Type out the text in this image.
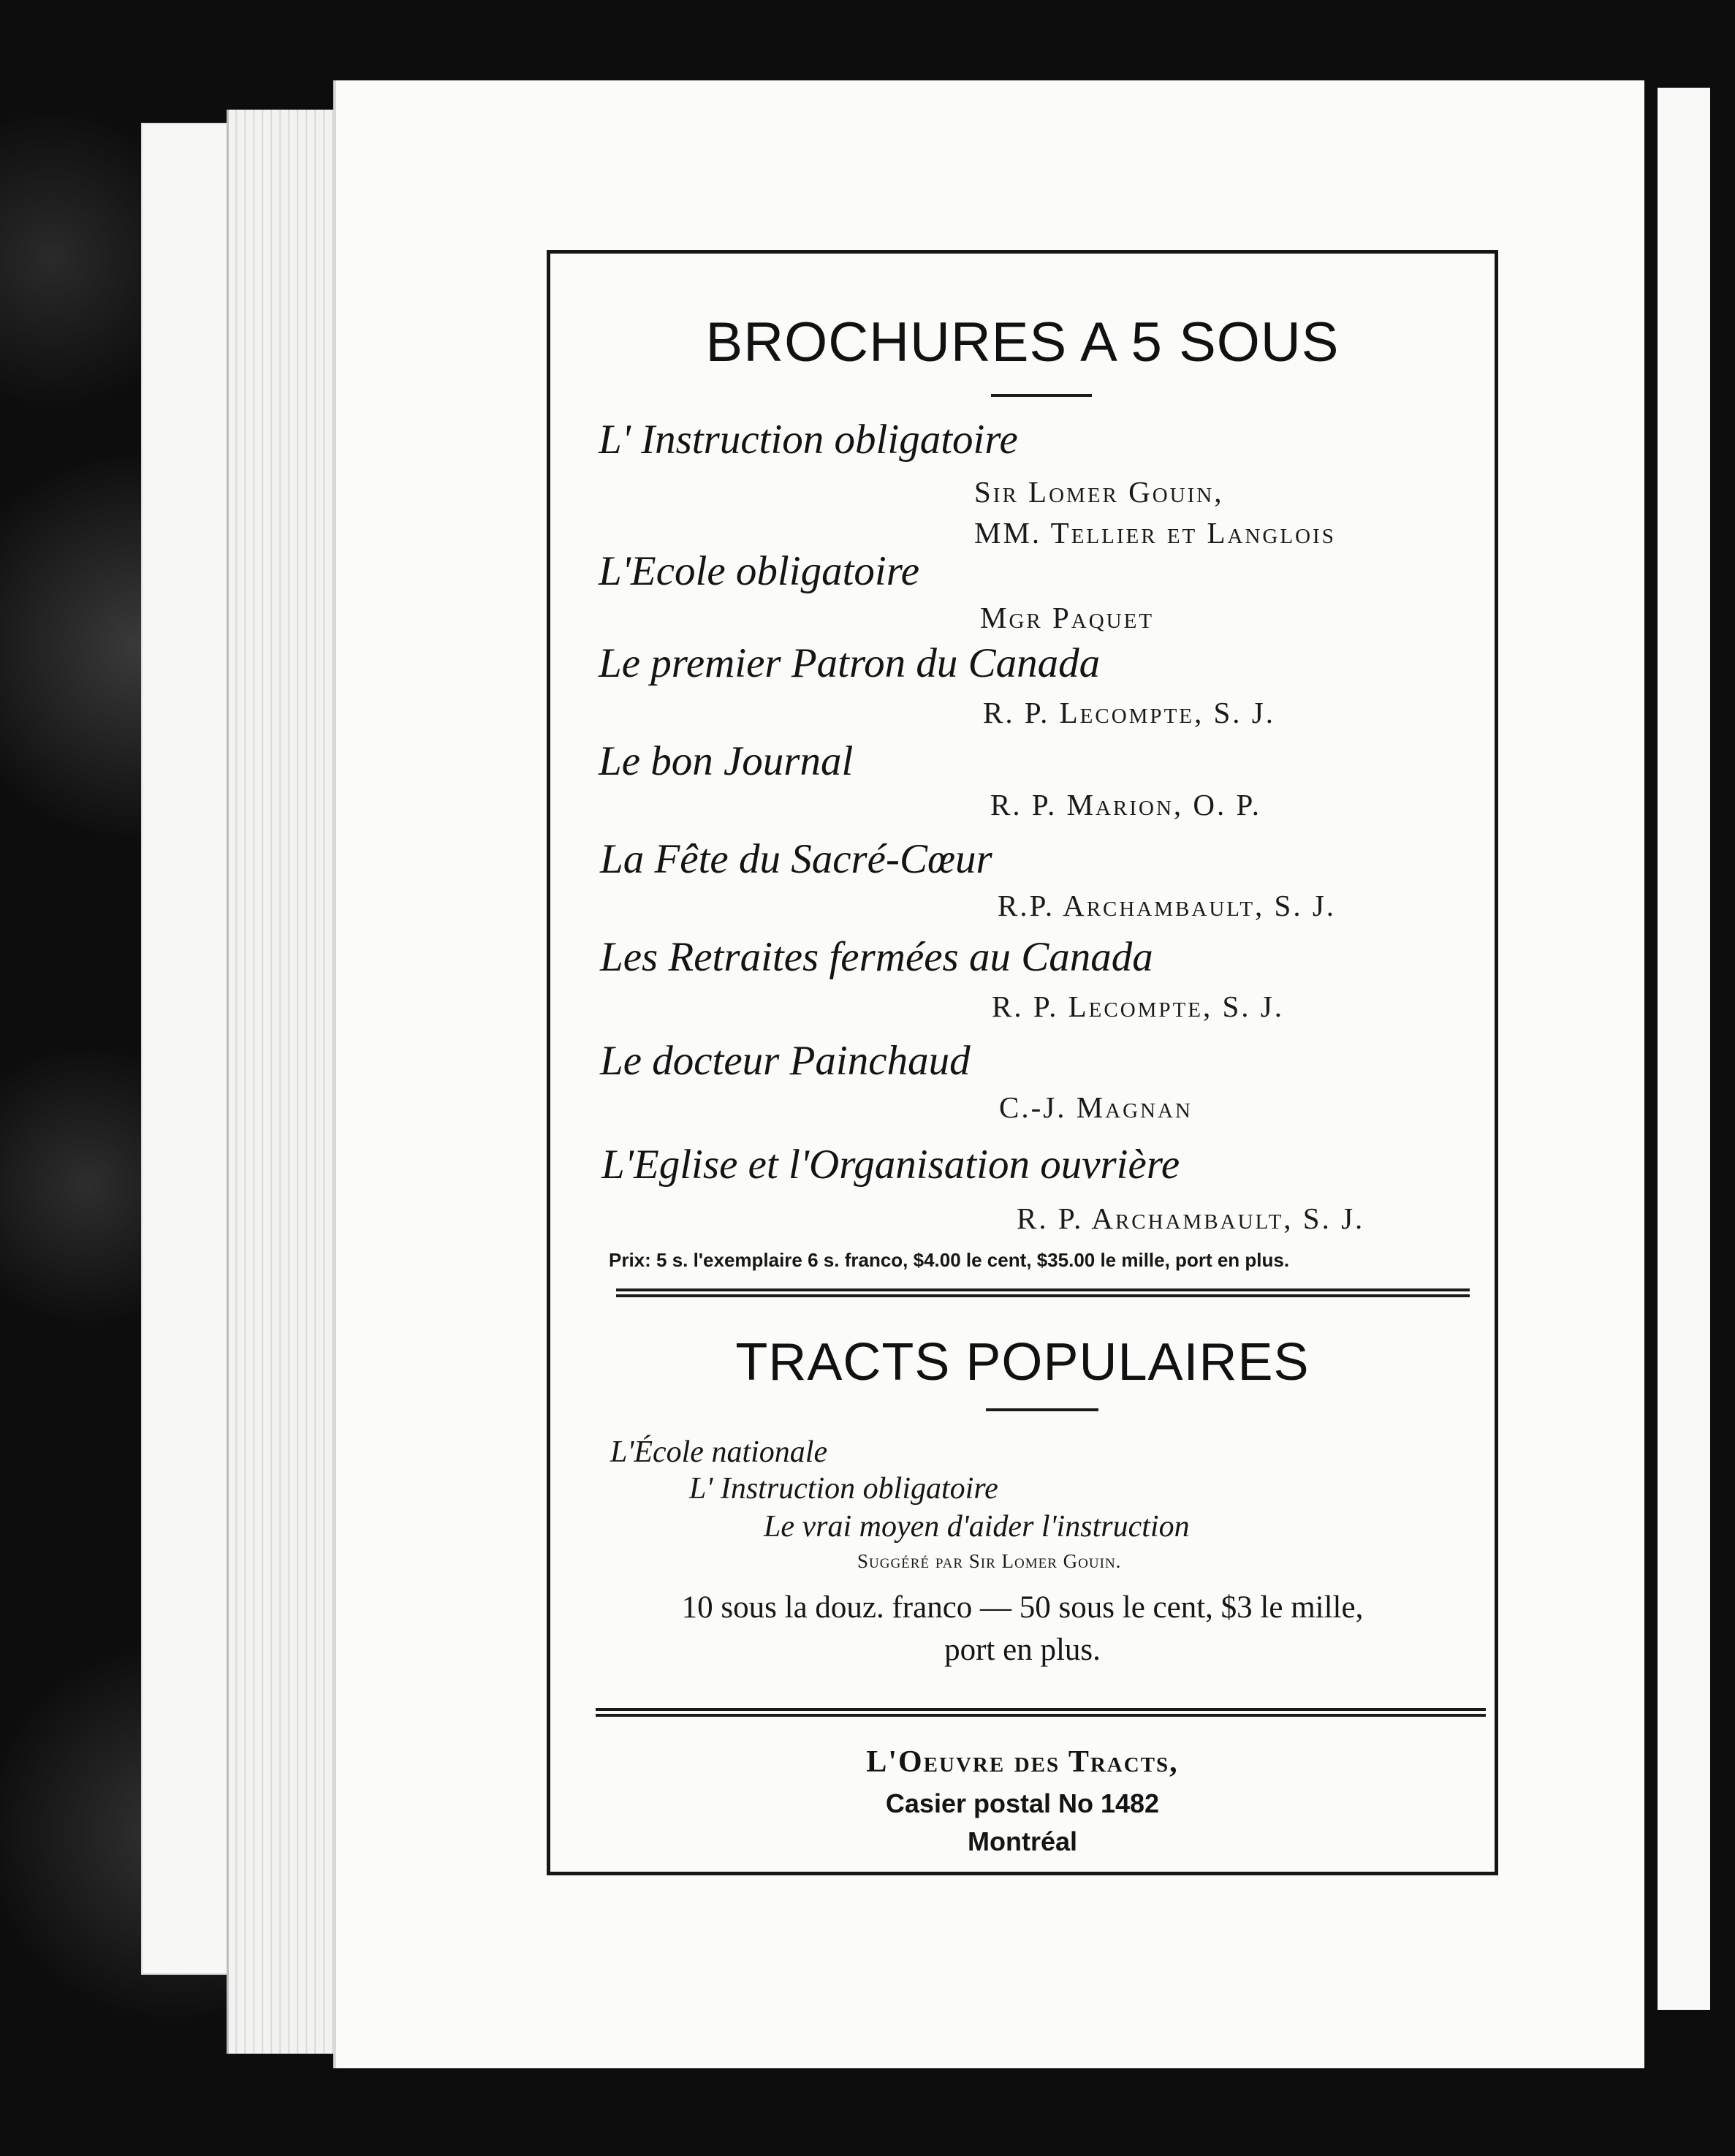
BROCHURES A 5 SOUS
L' Instruction obligatoire
Sir Lomer Gouin,
MM. Tellier et Langlois
L'Ecole obligatoire
Mgr Paquet
Le premier Patron du Canada
R. P. Lecompte, S. J.
Le bon Journal
R. P. Marion, O. P.
La Fête du Sacré-Cœur
R.P. Archambault, S. J.
Les Retraites fermées au Canada
R. P. Lecompte, S. J.
Le docteur Painchaud
C.-J. Magnan
L'Eglise et l'Organisation ouvrière
R. P. Archambault, S. J.
Prix: 5 s. l'exemplaire 6 s. franco, $4.00 le cent, $35.00 le mille, port en plus.
TRACTS POPULAIRES
L'École nationale
L' Instruction obligatoire
Le vrai moyen d'aider l'instruction
Suggéré par Sir Lomer Gouin.
10 sous la douz. franco — 50 sous le cent, $3 le mille,
port en plus.
L'Oeuvre des Tracts,
Casier postal No 1482
Montréal
